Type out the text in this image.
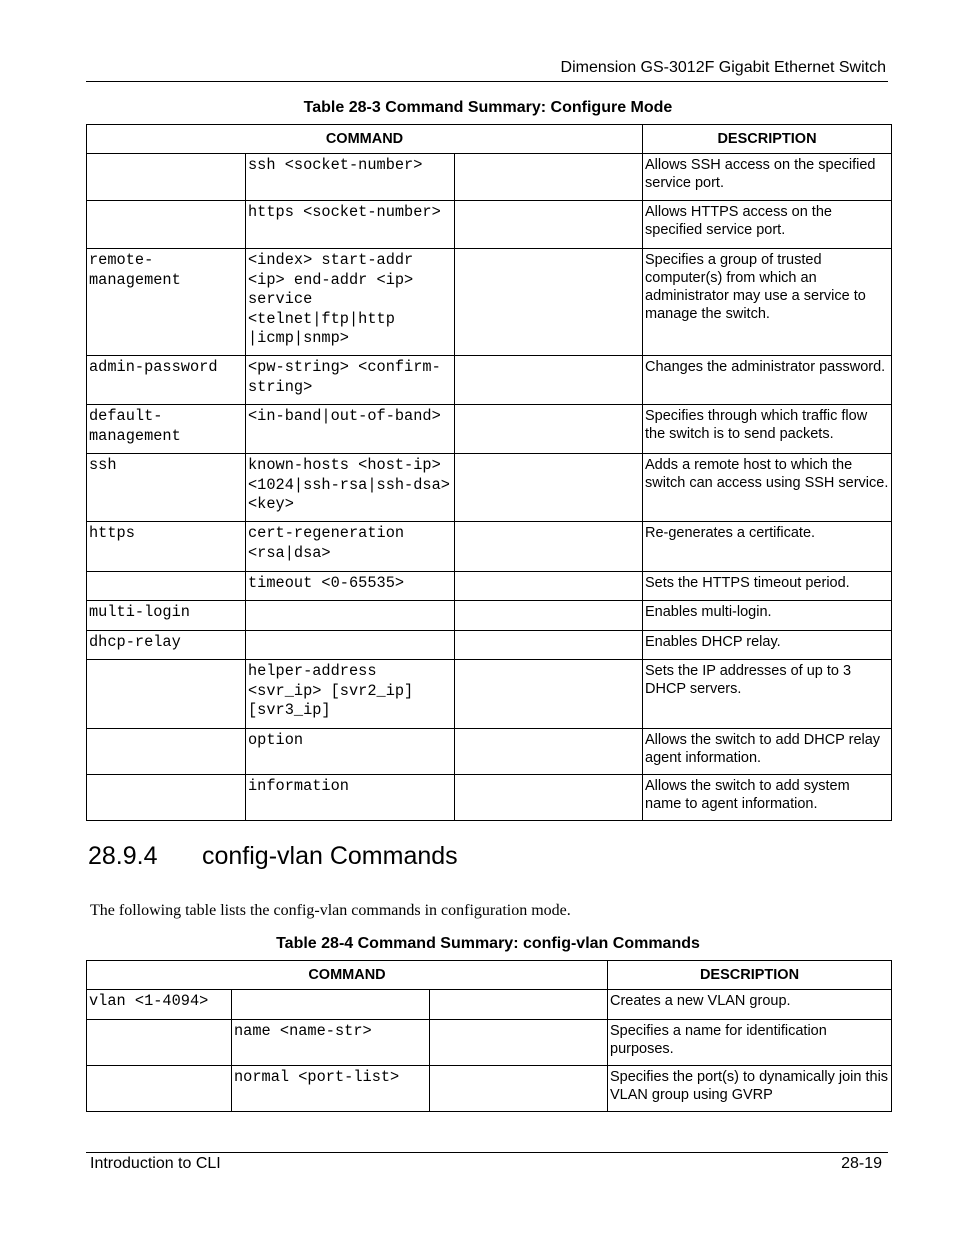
Dimension GS-3012F Gigabit Ethernet Switch
Table 28-3 Command Summary: Configure Mode
COMMAND			DESCRIPTION
	ssh <socket-number>		Allows SSH access on the specified service port.
	https <socket-number>		Allows HTTPS access on the specified service port.
remote-management	<index> start-addr <ip> end-addr <ip> service <telnet|ftp|http |icmp|snmp>		Specifies a group of trusted computer(s) from which an administrator may use a service to manage the switch.
admin-password	<pw-string> <confirm-string>		Changes the administrator password.
default-management	<in-band|out-of-band>		Specifies through which traffic flow the switch is to send packets.
ssh	known-hosts <host-ip> <1024|ssh-rsa|ssh-dsa> <key>		Adds a remote host to which the switch can access using SSH service.
https	cert-regeneration <rsa|dsa>		Re-generates a certificate.
	timeout <0-65535>		Sets the HTTPS timeout period.
multi-login			Enables multi-login.
dhcp-relay			Enables DHCP relay.
	helper-address <svr_ip> [svr2_ip] [svr3_ip]		Sets the IP addresses of up to 3 DHCP servers.
	option		Allows the switch to add DHCP relay agent information.
	information		Allows the switch to add system name to agent information.
28.9.4 config-vlan Commands
The following table lists the config-vlan commands in configuration mode.
Table 28-4 Command Summary: config-vlan Commands
COMMAND			DESCRIPTION
vlan <1-4094>			Creates a new VLAN group.
	name <name-str>		Specifies a name for identification purposes.
	normal <port-list>		Specifies the port(s) to dynamically join this VLAN group using GVRP
Introduction to CLI	28-19
